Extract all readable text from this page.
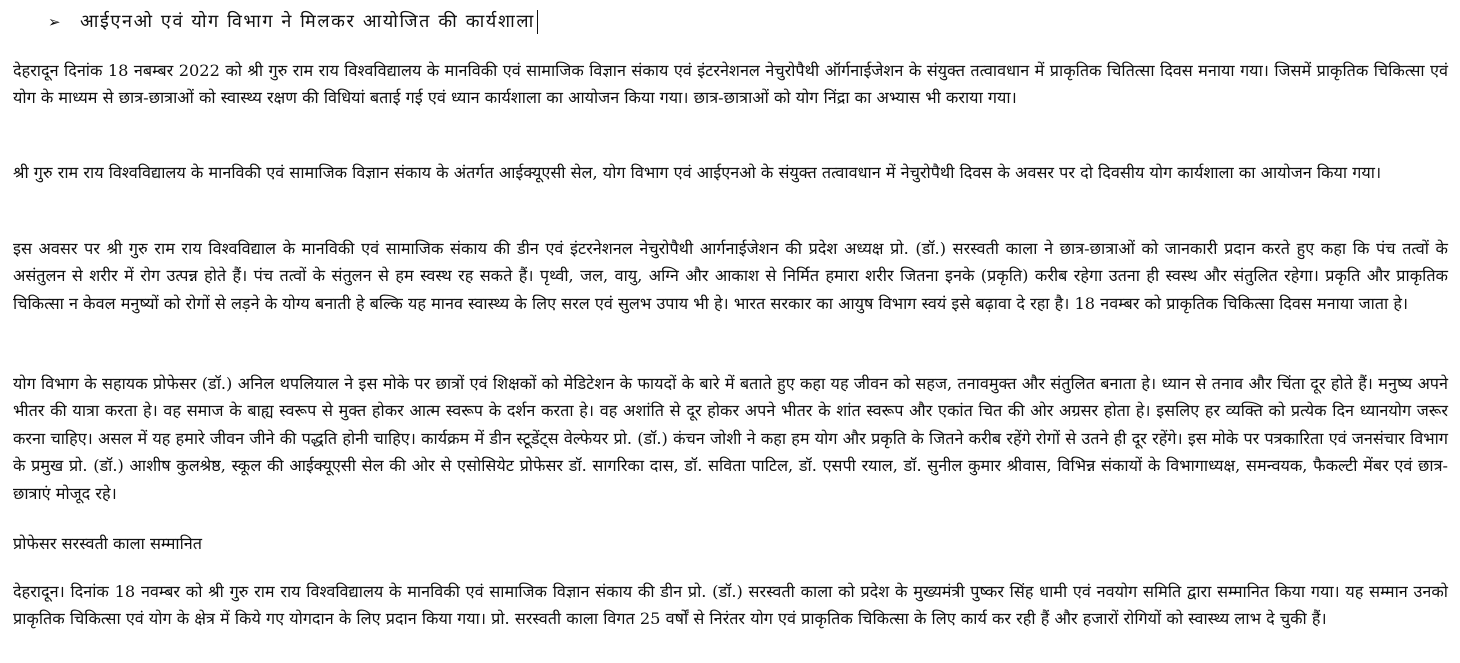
➢	आईएनओ एवं योग विभाग ने मिलकर आयोजित की कार्यशाला

देहरादून दिनांक 18 नबम्बर 2022 को श्री गुरु राम राय विश्वविद्यालय के मानविकी एवं सामाजिक विज्ञान संकाय एवं इंटरनेशनल नेचुरोपैथी ऑर्गनाईजेशन के संयुक्त तत्वावधान में प्राकृतिक चितित्सा दिवस मनाया गया। जिसमें प्राकृतिक चिकित्सा एवं योग के माध्यम से छात्र-छात्राओं को स्वास्थ्य रक्षण की विधियां बताई गई एवं ध्यान कार्यशाला का आयोजन किया गया। छात्र-छात्राओं को योग निंद्रा का अभ्यास भी कराया गया।

श्री गुरु राम राय विश्वविद्यालय के मानविकी एवं सामाजिक विज्ञान संकाय के अंतर्गत आईक्यूएसी सेल, योग विभाग एवं आईएनओ के संयुक्त तत्वावधान में नेचुरोपैथी दिवस के अवसर पर दो दिवसीय योग कार्यशाला का आयोजन किया गया।

इस अवसर पर श्री गुरु राम राय विश्वविद्याल के मानविकी एवं सामाजिक संकाय की डीन एवं इंटरनेशनल नेचुरोपैथी आर्गनाईजेशन की प्रदेश अध्यक्ष प्रो. (डॉ.) सरस्वती काला ने छात्र-छात्राओं को जानकारी प्रदान करते हुए कहा कि पंच तत्वों के असंतुलन से शरीर में रोग उत्पन्न होते हैं। पंच तत्वों के संतुलन से हम स्वस्थ रह सकते हैं। पृथ्वी, जल, वायु, अग्नि और आकाश से निर्मित हमारा शरीर जितना इनके (प्रकृति) करीब रहेगा उतना ही स्वस्थ और संतुलित रहेगा। प्रकृति और प्राकृतिक चिकित्सा न केवल मनुष्यों को रोगों से लड़ने के योग्य बनाती हे बल्कि यह मानव स्वास्थ्य के लिए सरल एवं सुलभ उपाय भी हे। भारत सरकार का आयुष विभाग स्वयं इसे बढ़ावा दे रहा है। 18 नवम्बर को प्राकृतिक चिकित्सा दिवस मनाया जाता हे।

योग विभाग के सहायक प्रोफेसर (डॉ.) अनिल थपलियाल ने इस मोके पर छात्रों एवं शिक्षकों को मेडिटेशन के फायदों के बारे में बताते हुए कहा यह जीवन को सहज, तनावमुक्त और संतुलित बनाता हे। ध्यान से तनाव और चिंता दूर होते हैं। मनुष्य अपने भीतर की यात्रा करता हे। वह समाज के बाह्य स्वरूप से मुक्त होकर आत्म स्वरूप के दर्शन करता हे। वह अशांति से दूर होकर अपने भीतर के शांत स्वरूप और एकांत चित की ओर अग्रसर होता हे। इसलिए हर व्यक्ति को प्रत्येक दिन ध्यानयोग जरूर करना चाहिए। असल में यह हमारे जीवन जीने की पद्धति होनी चाहिए। कार्यक्रम में डीन स्टूडेंट्स वेल्फेयर प्रो. (डॉ.) कंचन जोशी ने कहा हम योग और प्रकृति के जितने करीब रहेंगे रोगों से उतने ही दूर रहेंगे। इस मोके पर पत्रकारिता एवं जनसंचार विभाग के प्रमुख प्रो. (डॉ.) आशीष कुलश्रेष्ठ, स्कूल की आईक्यूएसी सेल की ओर से एसोसियेट प्रोफेसर डॉ. सागरिका दास, डॉ. सविता पाटिल, डॉ. एसपी रयाल, डॉ. सुनील कुमार श्रीवास, विभिन्न संकायों के विभागाध्यक्ष, समन्वयक, फैकल्टी मेंबर एवं छात्र-छात्राएं मोजूद रहे।

प्रोफेसर सरस्वती काला सम्मानित

देहरादून। दिनांक 18 नवम्बर को श्री गुरु राम राय विश्वविद्यालय के मानविकी एवं सामाजिक विज्ञान संकाय की डीन प्रो. (डॉ.) सरस्वती काला को प्रदेश के मुख्यमंत्री पुष्कर सिंह धामी एवं नवयोग समिति द्वारा सम्मानित किया गया। यह सम्मान उनको प्राकृतिक चिकित्सा एवं योग के क्षेत्र में किये गए योगदान के लिए प्रदान किया गया। प्रो. सरस्वती काला विगत 25 वर्षों से निरंतर योग एवं प्राकृतिक चिकित्सा के लिए कार्य कर रही हैं और हजारों रोगियों को स्वास्थ्य लाभ दे चुकी हैं।
